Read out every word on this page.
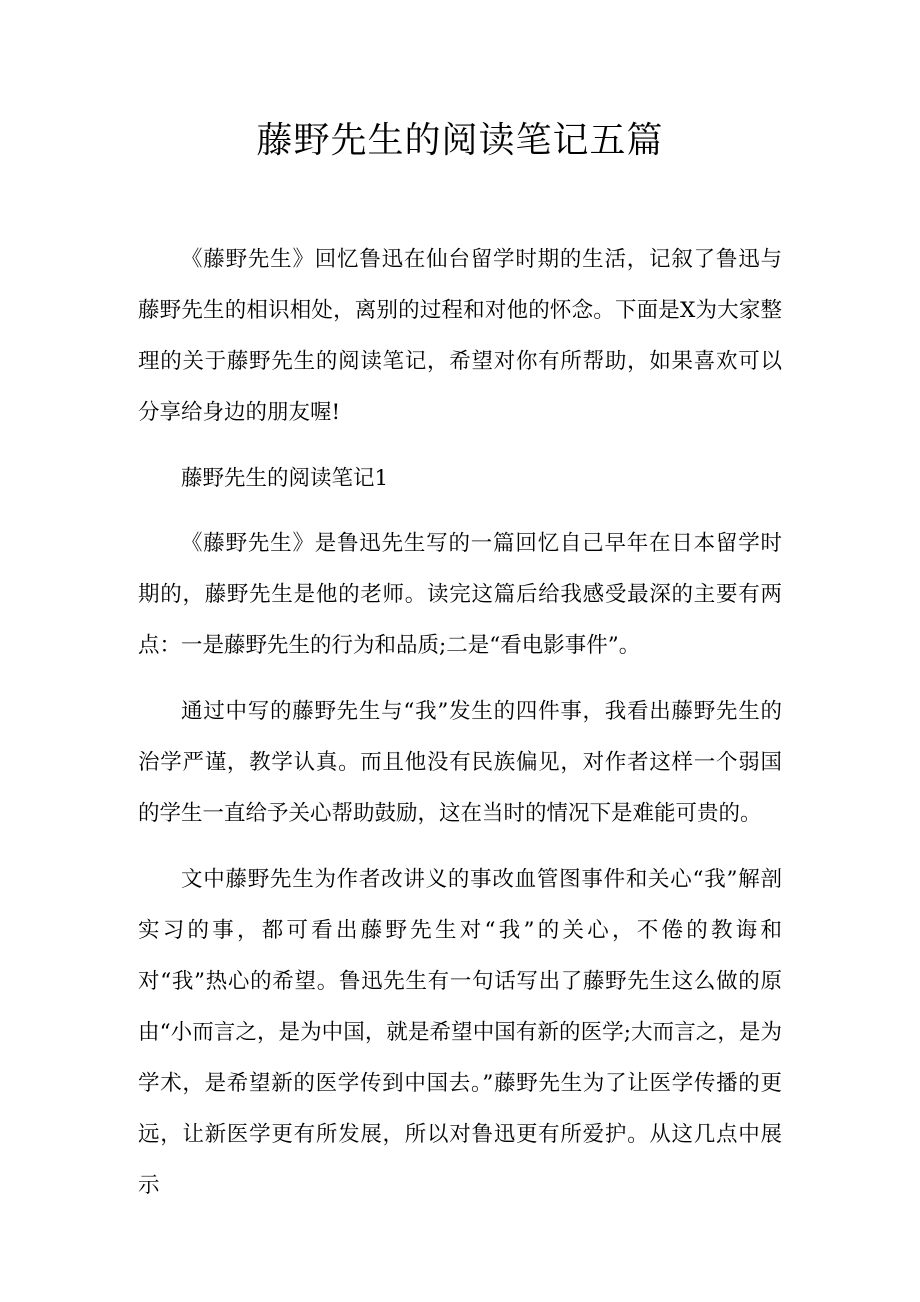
藤野先生的阅读笔记五篇

《藤野先生》回忆鲁迅在仙台留学时期的生活，记叙了鲁迅与藤野先生的相识相处，离别的过程和对他的怀念。下面是X为大家整理的关于藤野先生的阅读笔记，希望对你有所帮助，如果喜欢可以分享给身边的朋友喔!

藤野先生的阅读笔记1

《藤野先生》是鲁迅先生写的一篇回忆自己早年在日本留学时期的，藤野先生是他的老师。读完这篇后给我感受最深的主要有两点：一是藤野先生的行为和品质;二是“看电影事件”。

通过中写的藤野先生与“我”发生的四件事，我看出藤野先生的治学严谨，教学认真。而且他没有民族偏见，对作者这样一个弱国的学生一直给予关心帮助鼓励，这在当时的情况下是难能可贵的。

文中藤野先生为作者改讲义的事改血管图事件和关心“我”解剖实习的事，都可看出藤野先生对“我”的关心，不倦的教诲和对“我”热心的希望。鲁迅先生有一句话写出了藤野先生这么做的原由“小而言之，是为中国，就是希望中国有新的医学;大而言之，是为学术，是希望新的医学传到中国去。”藤野先生为了让医学传播的更远，让新医学更有所发展，所以对鲁迅更有所爱护。从这几点中展示
